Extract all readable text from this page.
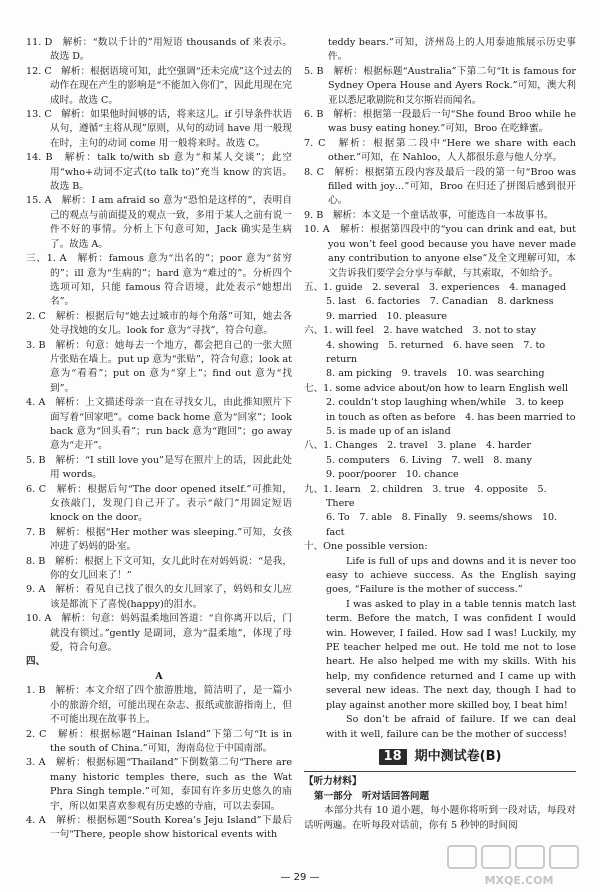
11. D　解析：“数以千计的”用短语 thousands of 来表示。故选 D。

12. C　解析：根据语境可知，此空强调“还未完成”这个过去的动作在现在产生的影响是“不能加入你们”，因此用现在完成时。故选 C。

13. C　解析：如果他时间够的话，将来这儿。if 引导条件状语从句，遵循“主将从现”原则，从句的动词 have 用一般现在时，主句的动词 come 用一般将来时。故选 C。

14. B　解析：talk to/with sb 意为“和某人交谈”；此空用“who+动词不定式(to talk to)”充当 know 的宾语。故选 B。

15. A　解析：I am afraid so 意为“恐怕是这样的”，表明自己的观点与前面提及的观点一致，多用于某人之前有说一件不好的事情。分析上下句意可知，Jack 确实是生病了。故选 A。

三、1. A　解析：famous 意为“出名的”；poor 意为“贫穷的”；ill 意为“生病的”；hard 意为“难过的”。分析四个选项可知，只能 famous 符合语境，此处表示“她想出名”。

2. C　解析：根据后句“她去过城市的每个角落”可知，她去各处寻找她的女儿。look for 意为“寻找”，符合句意。

3. B　解析：句意：她每去一个地方，都会把自己的一张大照片张贴在墙上。put up 意为“张贴”，符合句意；look at 意为“看看”；put on 意为“穿上”；find out 意为“找到”。

4. A　解析：上文描述母亲一直在寻找女儿，由此推知照片下面写着“回家吧”。come back home 意为“回家”；look back 意为“回头看”；run back 意为“跑回”；go away 意为“走开”。

5. B　解析：“I still love you”是写在照片上的话，因此此处用 words。

6. C　解析：根据后句“The door opened itself.”可推知，女孩敲门，发现门自己开了。表示“敲门”用固定短语 knock on the door。

7. B　解析：根据“Her mother was sleeping.”可知，女孩冲进了妈妈的卧室。

8. B　解析：根据上下文可知，女儿此时在对妈妈说：“是我，你的女儿回来了！”

9. A　解析：看见自己找了很久的女儿回家了，妈妈和女儿应该是都流下了喜悦(happy)的泪水。

10. A　解析：句意：妈妈温柔地回答道：“自你离开以后，门就没有锁过。”gently 是副词，意为“温柔地”，体现了母爱，符合句意。

四、

A

1. B　解析：本文介绍了四个旅游胜地，简洁明了，是一篇小小的旅游介绍，可能出现在杂志、报纸或旅游指南上，但不可能出现在故事书上。

2. C　解析：根据标题“Hainan Island”下第二句“It is in the south of China.”可知，海南岛位于中国南部。

3. A　解析：根据标题“Thailand”下倒数第二句“There are many historic temples there, such as the Wat Phra Singh temple.”可知，泰国有许多历史悠久的庙宇，所以如果喜欢参观有历史感的寺庙，可以去泰国。

4. A　解析：根据标题“South Korea’s Jeju Island”下最后一句“There, people show historical events with

teddy bears.”可知，济州岛上的人用泰迪熊展示历史事件。

5. B　解析：根据标题“Australia”下第二句“It is famous for Sydney Opera House and Ayers Rock.”可知，澳大利亚以悉尼歌剧院和艾尔斯岩而闻名。

6. B　解析：根据第一段最后一句“She found Broo while he was busy eating honey.”可知，Broo 在吃蜂蜜。

7. C　解析：根据第二段中“Here we share with each other.”可知，在 Nahloo，人人都很乐意与他人分享。

8. C　解析：根据第五段内容及最后一段的第一句“Broo was filled with joy…”可知，Broo 在归还了拼图后感到很开心。

9. B　解析：本文是一个童话故事，可能选自一本故事书。

10. A　解析：根据第四段中的“you can drink and eat, but you won’t feel good because you have never made any contribution to anyone else”及全文理解可知，本文告诉我们要学会分享与奉献，与其索取，不如给予。

五、1. guide　2. several　3. experiences　4. managed

5. last　6. factories　7. Canadian　8. darkness

9. married　10. pleasure

六、1. will feel　2. have watched　3. not to stay

4. showing　5. returned　6. have seen　7. to return

8. am picking　9. travels　10. was searching

七、1. some advice about/on how to learn English well

2. couldn’t stop laughing when/while　3. to keep in touch as often as before　4. has been married to　5. is made up of an island

八、1. Changes　2. travel　3. plane　4. harder

5. computers　6. Living　7. well　8. many

9. poor/poorer　10. chance

九、1. learn　2. children　3. true　4. opposite　5. There

6. To　7. able　8. Finally　9. seems/shows　10. fact

十、One possible version:

Life is full of ups and downs and it is never too easy to achieve success. As the English saying goes, “Failure is the mother of success.”

I was asked to play in a table tennis match last term. Before the match, I was confident I would win. However, I failed. How sad I was! Luckily, my PE teacher helped me out. He told me not to lose heart. He also helped me with my skills. With his help, my confidence returned and I came up with several new ideas. The next day, though I had to play against another more skilled boy, I beat him!

So don’t be afraid of failure. If we can deal with it well, failure can be the mother of success!

18	期中测试卷(B)

【听力材料】

第一部分　听对话回答问题

本部分共有 10 道小题，每小题你将听到一段对话，每段对话听两遍。在听每段对话前，你有 5 秒钟的时间阅

— 29 —	MXQE.COM
